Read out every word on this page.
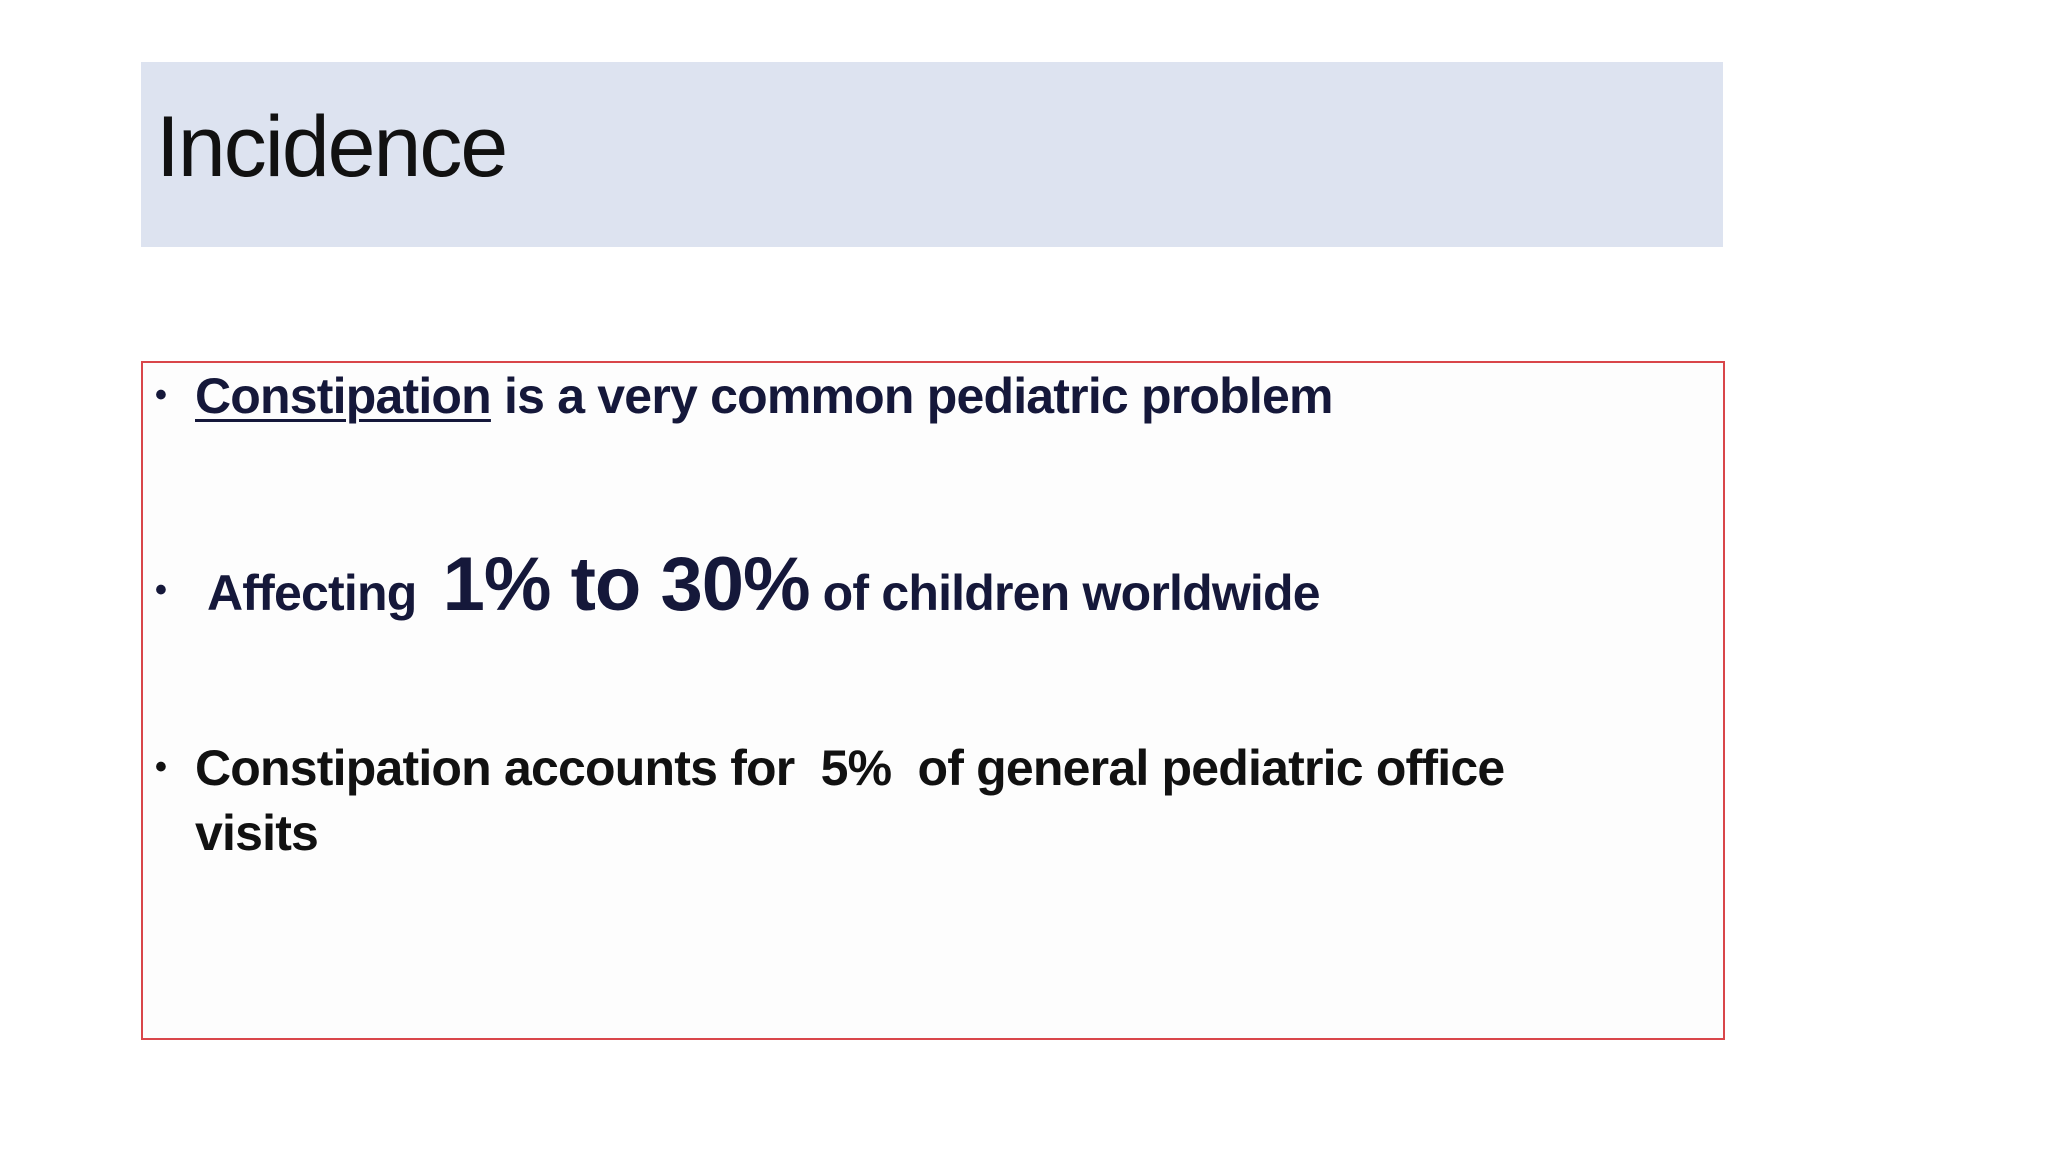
Incidence
• Constipation is a very common pediatric problem
• Affecting 1% to 30% of children worldwide
• Constipation accounts for  5%  of general pediatric office
visits
